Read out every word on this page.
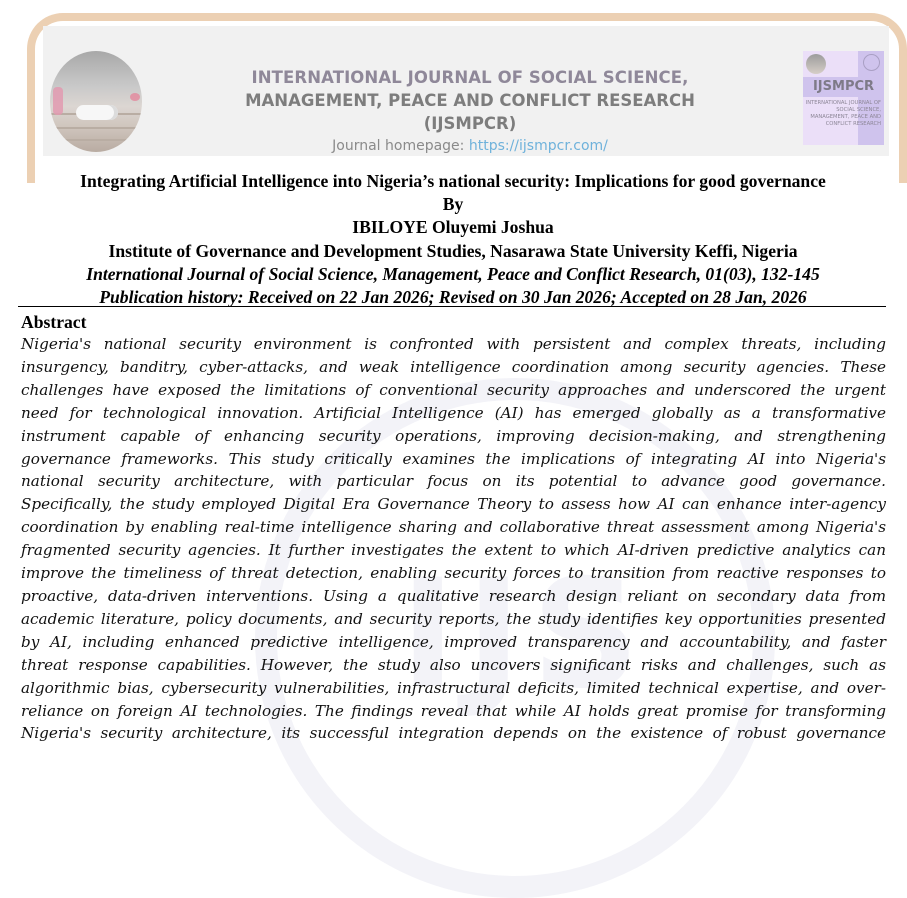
INTERNATIONAL JOURNAL OF SOCIAL SCIENCE,
MANAGEMENT, PEACE AND CONFLICT RESEARCH
(IJSMPCR)
Journal homepage: https://ijsmpcr.com/
IJSMPCR
INTERNATIONAL JOURNAL OF SOCIAL SCIENCE, MANAGEMENT, PEACE AND CONFLICT RESEARCH
IJS
Integrating Artificial Intelligence into Nigeria’s national security: Implications for good governance
By
IBILOYE Oluyemi Joshua
Institute of Governance and Development Studies, Nasarawa State University Keffi, Nigeria
International Journal of Social Science, Management, Peace and Conflict Research, 01(03), 132-145
Publication history: Received on 22 Jan 2026; Revised on 30 Jan 2026; Accepted on 28 Jan, 2026
Abstract
Nigeria's national security environment is confronted with persistent and complex threats, including
insurgency, banditry, cyber-attacks, and weak intelligence coordination among security agencies. These
challenges have exposed the limitations of conventional security approaches and underscored the urgent
need for technological innovation. Artificial Intelligence (AI) has emerged globally as a transformative
instrument capable of enhancing security operations, improving decision-making, and strengthening
governance frameworks. This study critically examines the implications of integrating AI into Nigeria's
national security architecture, with particular focus on its potential to advance good governance.
Specifically, the study employed Digital Era Governance Theory to assess how AI can enhance inter-agency
coordination by enabling real-time intelligence sharing and collaborative threat assessment among Nigeria's
fragmented security agencies. It further investigates the extent to which AI-driven predictive analytics can
improve the timeliness of threat detection, enabling security forces to transition from reactive responses to
proactive, data-driven interventions. Using a qualitative research design reliant on secondary data from
academic literature, policy documents, and security reports, the study identifies key opportunities presented
by AI, including enhanced predictive intelligence, improved transparency and accountability, and faster
threat response capabilities. However, the study also uncovers significant risks and challenges, such as
algorithmic bias, cybersecurity vulnerabilities, infrastructural deficits, limited technical expertise, and over-
reliance on foreign AI technologies. The findings reveal that while AI holds great promise for transforming
Nigeria's security architecture, its successful integration depends on the existence of robust governance
